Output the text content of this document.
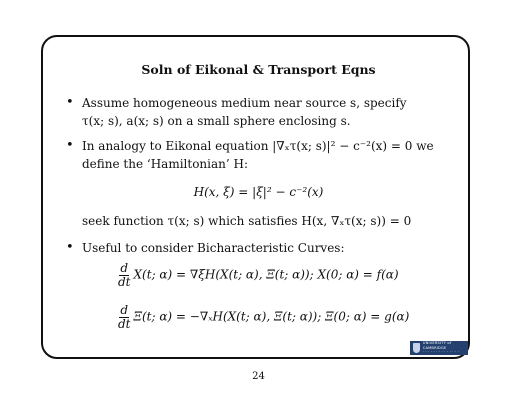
Soln of Eikonal & Transport Eqns
• Assume homogeneous medium near source s, specify
τ(x; s), a(x; s) on a small sphere enclosing s.
• In analogy to Eikonal equation |∇ₓτ(x; s)|² − c⁻²(x) = 0 we
define the ‘Hamiltonian’ H:
H(x, ξ) = |ξ|² − c⁻²(x)
seek function τ(x; s) which satisfies H(x, ∇ₓτ(x; s)) = 0
• Useful to consider Bicharacteristic Curves:
$\frac{d}{dt} X(t$; α) = ∇ξH(X(t; α), Ξ(t; α)); X(0; α) = f(α)
$\frac{d}{dt} \Xi(t$; α) = −∇ₓH(X(t; α), Ξ(t; α)); Ξ(0; α) = g(α)
UNIVERSITY of CAMBRIDGE
· · · · · · · · · · · · · ·
24
